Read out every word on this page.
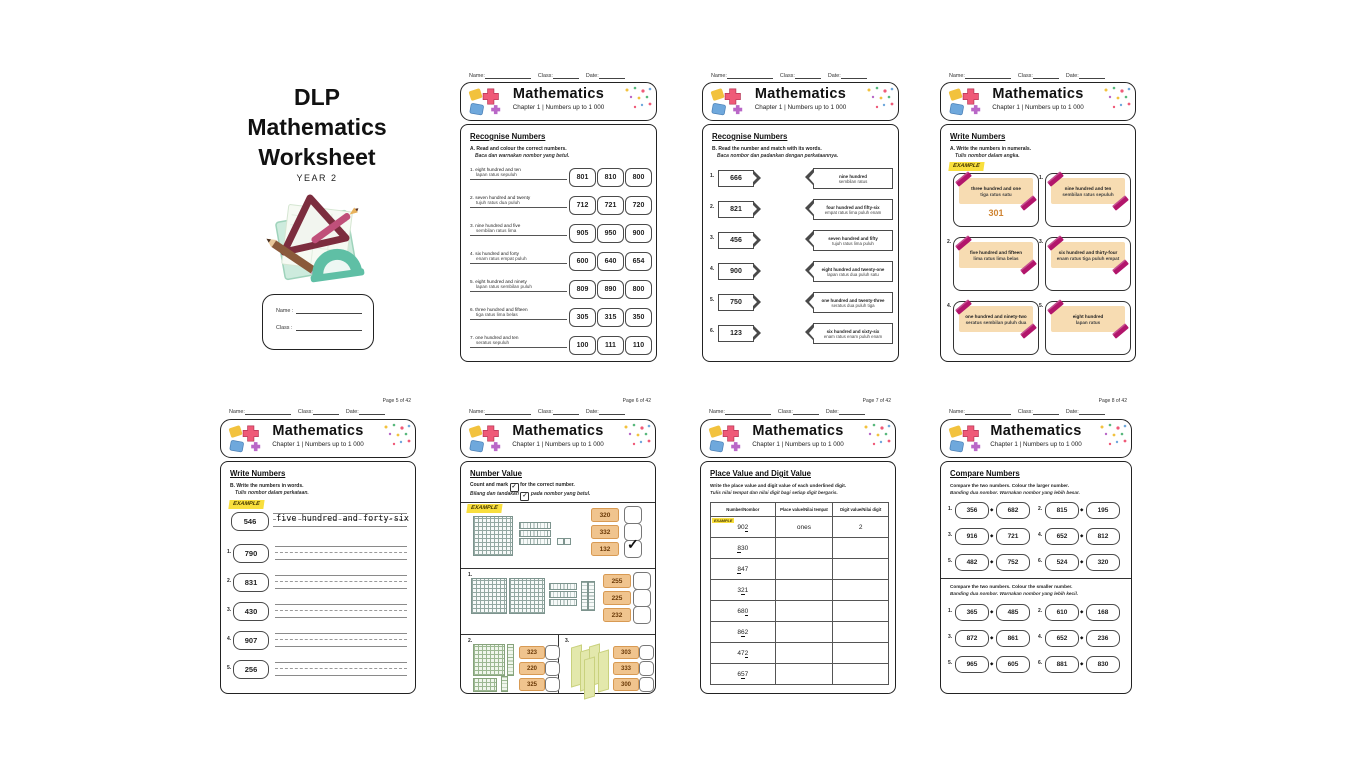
DLP
Mathematics
Worksheet
YEAR 2
Name :
Class :
Name:	Class:	Date:
Mathematics
Chapter 1 | Numbers up to 1 000
Recognise Numbers
A. Read and colour the correct numbers.
Baca dan warnakan nombor yang betul.
1. eight hundred and ten
lapan ratus sepuluh	801	810	800
2. seven hundred and twenty
tujuh ratus dua puluh	712	721	720
3. nine hundred and five
sembilan ratus lima	905	950	900
4. six hundred and forty
enam ratus empat puluh	600	640	654
5. eight hundred and ninety
lapan ratus sembilan puluh	809	890	800
6. three hundred and fifteen
tiga ratus lima belas	305	315	350
7. one hundred and ten
seratus sepuluh	100	111	110
Name:	Class:	Date:
Mathematics
Chapter 1 | Numbers up to 1 000
Recognise Numbers
B. Read the number and match with its words.
Baca nombor dan padankan dengan perkataannya.
1.	666	nine hundred
sembilan ratus
2.	821	four hundred and fifty-six
empat ratus lima puluh enam
3.	456	seven hundred and fifty
tujuh ratus lima puluh
4.	900	eight hundred and twenty-one
lapan ratus dua puluh satu
5.	750	one hundred and twenty-three
seratus dua puluh tiga
6.	123	six hundred and sixty-six
enam ratus enam puluh enam
Name:	Class:	Date:
Mathematics
Chapter 1 | Numbers up to 1 000
Write Numbers
A. Write the numbers in numerals.
Tulis nombor dalam angka.
EXAMPLE
three hundred and one
tiga ratus satu
301
1.
nine hundred and ten
sembilan ratus sepuluh
2.
five hundred and fifteen
lima ratus lima belas
3.
six hundred and thirty-four
enam ratus tiga puluh empat
4.
one hundred and ninety-two
seratus sembilan puluh dua
5.
eight hundred
lapan ratus
Page 5 of 42
Name:	Class:	Date:
Mathematics
Chapter 1 | Numbers up to 1 000
Write Numbers
B. Write the numbers in words.
Tulis nombor dalam perkataan.
EXAMPLE
546	five hundred and forty-six
1.	790
2.	831
3.	430
4.	907
5.	256
Page 6 of 42
Name:	Class:	Date:
Mathematics
Chapter 1 | Numbers up to 1 000
Number Value
Count and mark ✓ for the correct number.
Bilang dan tandakan ✓ pada nombor yang betul.
EXAMPLE
320
332
132	✓
1.
255
225
232
2.
323
220
325
3.
303
333
300
Page 7 of 42
Name:	Class:	Date:
Mathematics
Chapter 1 | Numbers up to 1 000
Place Value and Digit Value
Write the place value and digit value of each underlined digit.
Tulis nilai tempat dan nilai digit bagi setiap digit bergaris.
Number/Nombor	Place value/Nilai tempat	Digit value/Nilai digit
EXAMPLE
902	ones	2
830
847
321
680
862
472
657
Page 8 of 42
Name:	Class:	Date:
Mathematics
Chapter 1 | Numbers up to 1 000
Compare Numbers
Compare the two numbers. Colour the larger number.
Banding dua nombor. Warnakan nombor yang lebih besar.
1.	356	◆	682	2.	815	◆	195
3.	916	◆	721	4.	652	◆	812
5.	482	◆	752	6.	524	◆	320
Compare the two numbers. Colour the smaller number.
Banding dua nombor. Warnakan nombor yang lebih kecil.
1.	365	◆	485	2.	610	◆	168
3.	872	◆	861	4.	652	◆	236
5.	965	◆	605	6.	881	◆	830
